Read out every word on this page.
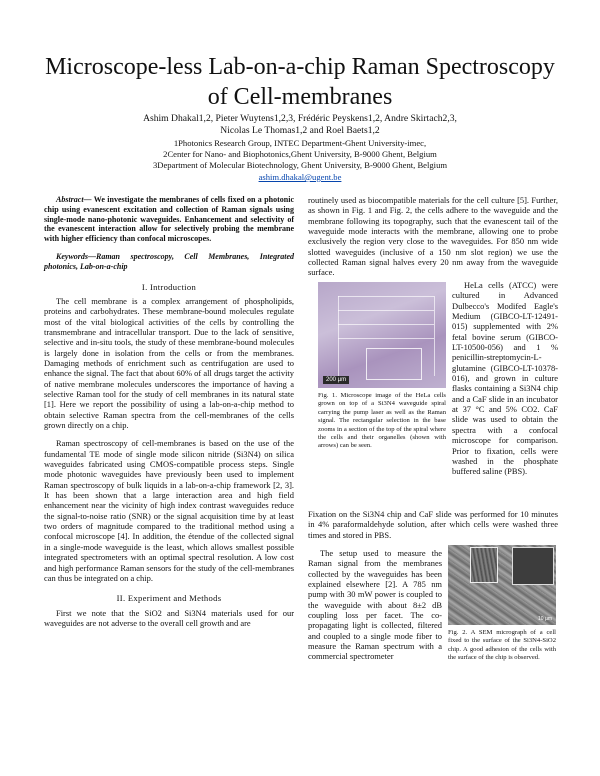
Microscope-less Lab-on-a-chip Raman Spectroscopy
of Cell-membranes
Ashim Dhakal1,2, Pieter Wuytens1,2,3, Frédéric Peyskens1,2, Andre Skirtach2,3,
Nicolas Le Thomas1,2 and Roel Baets1,2
1Photonics Research Group, INTEC Department-Ghent University-imec,
2Center for Nano- and Biophotonics,Ghent University, B-9000 Ghent, Belgium
3Department of Molecular Biotechnology, Ghent University, B-9000 Ghent, Belgium
ashim.dhakal@ugent.be

Abstract— We investigate the membranes of cells fixed on a photonic chip using evanescent excitation and collection of Raman signals using single-mode nano-photonic waveguides. Enhancement and selectivity of the evanescent interaction allow for selectively probing the membrane with higher efficiency than confocal microscopes.

Keywords—Raman spectroscopy, Cell Membranes, Integrated photonics, Lab-on-a-chip

I. Introduction

The cell membrane is a complex arrangement of phospholipids, proteins and carbohydrates. These membrane-bound molecules regulate most of the vital biological activities of the cells by controlling the transmembrane and intracellular transport. Due to the lack of sensitive, selective and in-situ tools, the study of these membrane-bound molecules is largely done in isolation from the cells or from the membranes. Damaging methods of enrichment such as centrifugation are used to enhance the signal. The fact that about 60% of all drugs target the activity of native membrane molecules underscores the importance of having a selective Raman tool for the study of cell membranes in its natural state [1]. Here we report the possibility of using a lab-on-a-chip method to obtain selective Raman spectra from the cell-membranes of the cells grown directly on a chip.

Raman spectroscopy of cell-membranes is based on the use of the fundamental TE mode of single mode silicon nitride (Si3N4) on silica waveguides fabricated using CMOS-compatible process steps. Single mode photonic waveguides have previously been used to implement Raman spectroscopy of bulk liquids in a lab-on-a-chip framework [2, 3]. It has been shown that a large interaction area and high field enhancement near the vicinity of high index contrast waveguides reduce the signal-to-noise ratio (SNR) or the signal acquisition time by at least two orders of magnitude compared to the traditional method using a confocal microscope [4]. In addition, the étendue of the collected signal in a single-mode waveguide is the least, which allows smallest possible integrated spectrometers with an optimal spectral resolution. A low cost and high performance Raman sensors for the study of the cell-membranes can thus be integrated on a chip.

II. Experiment and Methods

First we note that the SiO2 and Si3N4 materials used for our waveguides are not adverse to the overall cell growth and are

routinely used as biocompatible materials for the cell culture [5]. Further, as shown in Fig. 1 and Fig. 2, the cells adhere to the waveguide and the membrane following its topography, such that the evanescent tail of the waveguide mode interacts with the membrane, allowing one to probe exclusively the region very close to the waveguides. For 850 nm wide slotted waveguides (inclusive of a 150 nm slot region) we use the collected Raman signal halves every 20 nm away from the waveguide surface.

200 µm
Fig. 1. Microscope image of the HeLa cells grown on top of a Si3N4 waveguide spiral carrying the pump laser as well as the Raman signal. The rectangular selection in the base zooms in a section of the top of the spiral where the cells and their organelles (shown with arrows) can be seen.

HeLa cells (ATCC) were cultured in Advanced Dulbecco's Modifed Eagle's Medium (GIBCO-LT-12491-015) supplemented with 2% fetal bovine serum (GIBCO-LT-10500-056) and 1 % penicillin-streptomycin-L-glutamine (GIBCO-LT-10378-016), and grown in culture flasks containing a Si3N4 chip and a CaF slide in an incubator at 37 °C and 5% CO2. CaF slide was used to obtain the spectra with a confocal microscope for comparison. Prior to fixation, cells were washed in the phosphate buffered saline (PBS).

Fixation on the Si3N4 chip and CaF slide was performed for 10 minutes in 4% paraformaldehyde solution, after which cells were washed three times and stored in PBS.

The setup used to measure the Raman signal from the membranes collected by the waveguides has been explained elsewhere [2]. A 785 nm pump with 30 mW power is coupled to the waveguide with about 8±2 dB coupling loss per facet. The co-propagating light is collected, filtered and coupled to a single mode fiber to measure the Raman spectrum with a commercial spectrometer

10 µm
Fig. 2. A SEM micrograph of a cell fixed to the surface of the Si3N4-SiO2 chip. A good adhesion of the cells with the surface of the chip is observed.
